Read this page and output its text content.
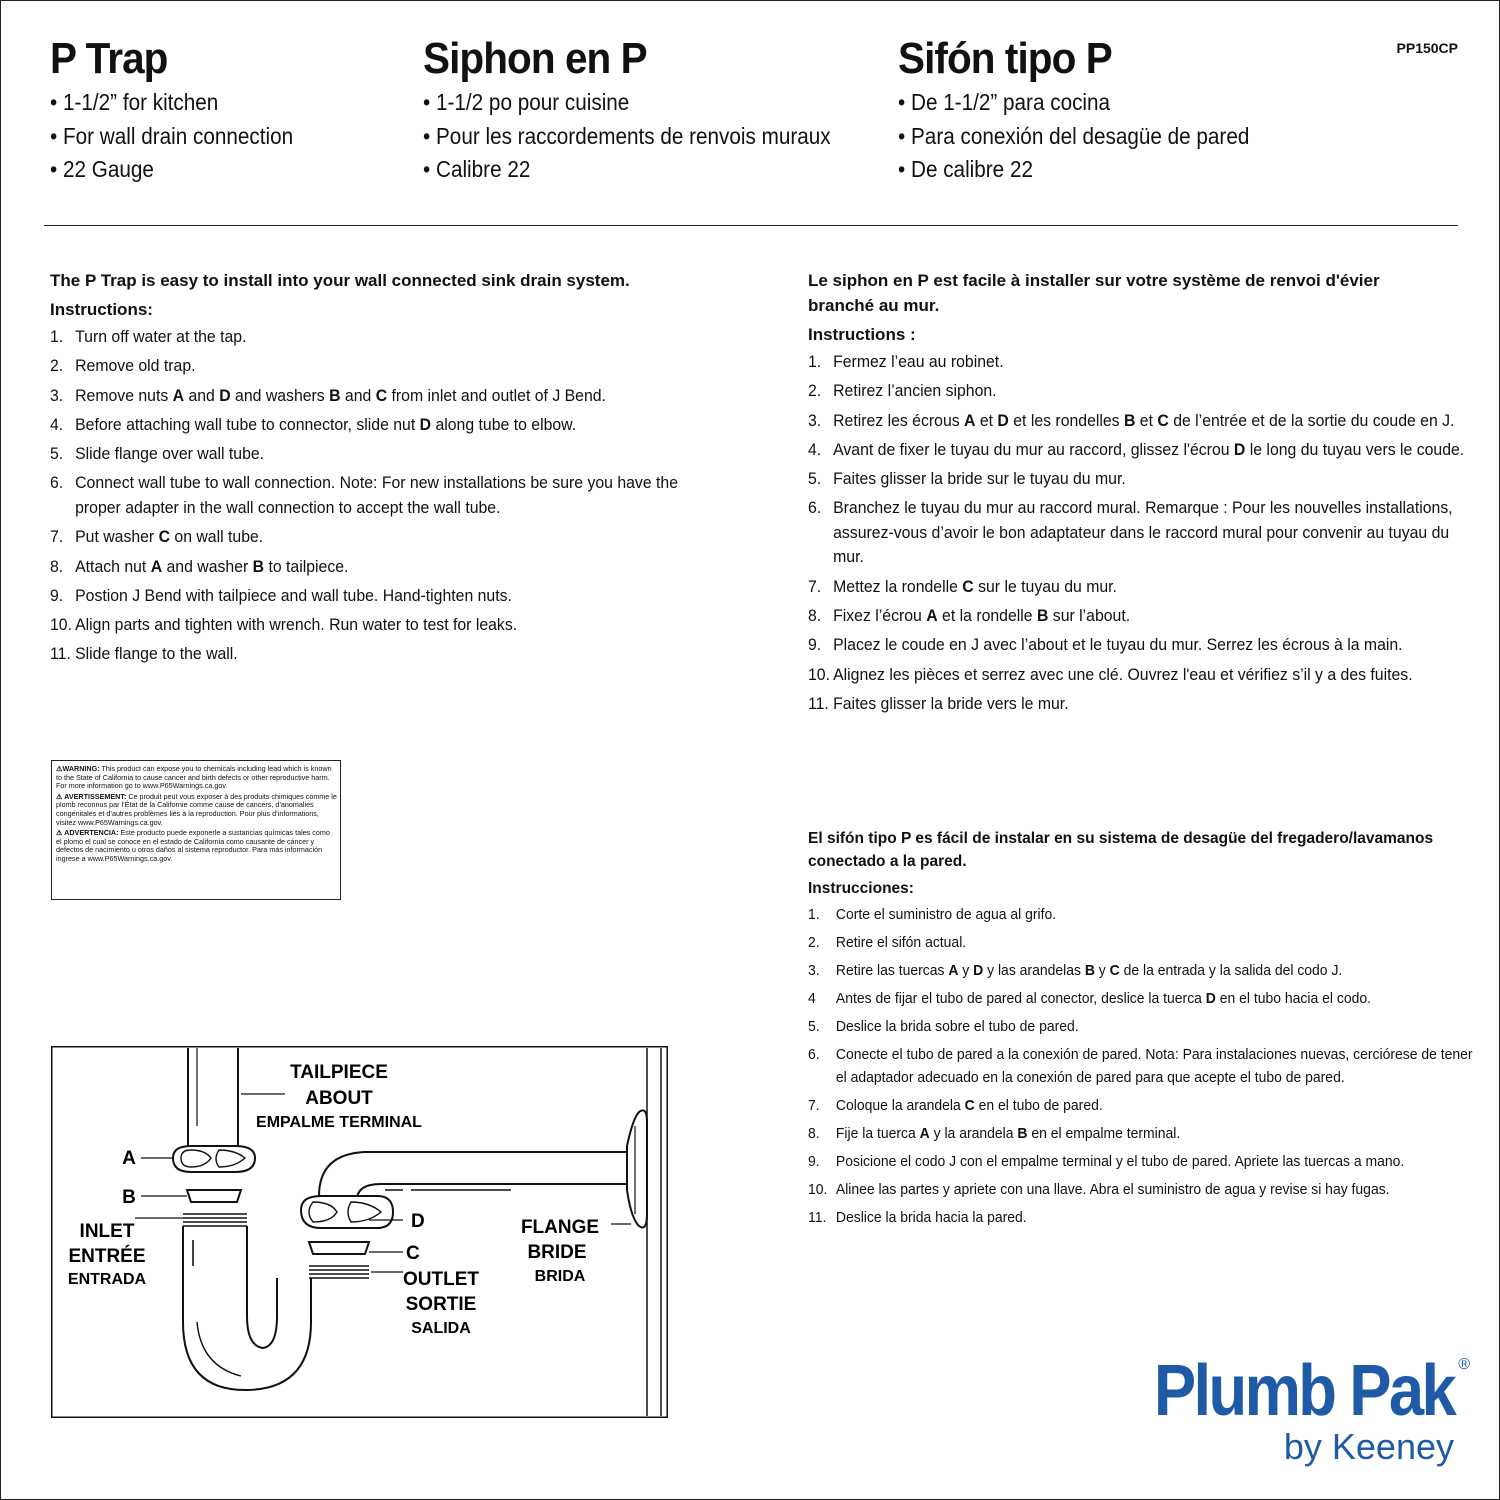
P Trap
• 1-1/2” for kitchen
• For wall drain connection
• 22 Gauge
Siphon en P
• 1-1/2 po pour cuisine
• Pour les raccordements de renvois muraux
• Calibre 22
Sifón tipo P
• De 1-1/2” para cocina
• Para conexión del desagüe de pared
• De calibre 22
PP150CP
The P Trap is easy to install into your wall connected sink drain system.
Instructions:
1. Turn off water at the tap.
2. Remove old trap.
3. Remove nuts A and D and washers B and C from inlet and outlet of J Bend.
4. Before attaching wall tube to connector, slide nut D along tube to elbow.
5. Slide flange over wall tube.
6. Connect wall tube to wall connection. Note: For new installations be sure you have the proper adapter in the wall connection to accept the wall tube.
7. Put washer C on wall tube.
8. Attach nut A and washer B to tailpiece.
9. Postion J Bend with tailpiece and wall tube. Hand-tighten nuts.
10. Align parts and tighten with wrench. Run water to test for leaks.
11. Slide flange to the wall.
Le siphon en P est facile à installer sur votre système de renvoi d'évier branché au mur.
Instructions :
1. Fermez l’eau au robinet.
2. Retirez l’ancien siphon.
3. Retirez les écrous A et D et les rondelles B et C de l’entrée et de la sortie du coude en J.
4. Avant de fixer le tuyau du mur au raccord, glissez l'écrou D le long du tuyau vers le coude.
5. Faites glisser la bride sur le tuyau du mur.
6. Branchez le tuyau du mur au raccord mural. Remarque : Pour les nouvelles installations, assurez-vous d’avoir le bon adaptateur dans le raccord mural pour convenir au tuyau du mur.
7. Mettez la rondelle C sur le tuyau du mur.
8. Fixez l’écrou A et la rondelle B sur l’about.
9. Placez le coude en J avec l’about et le tuyau du mur. Serrez les écrous à la main.
10. Alignez les pièces et serrez avec une clé. Ouvrez l'eau et vérifiez s’il y a des fuites.
11. Faites glisser la bride vers le mur.
El sifón tipo P es fácil de instalar en su sistema de desagüe del fregadero/lavamanos conectado a la pared.
Instrucciones:
1. Corte el suministro de agua al grifo.
2. Retire el sifón actual.
3. Retire las tuercas A y D y las arandelas B y C de la entrada y la salida del codo J.
4 Antes de fijar el tubo de pared al conector, deslice la tuerca D en el tubo hacia el codo.
5. Deslice la brida sobre el tubo de pared.
6. Conecte el tubo de pared a la conexión de pared. Nota: Para instalaciones nuevas, cerciórese de tener el adaptador adecuado en la conexión de pared para que acepte el tubo de pared.
7. Coloque la arandela C en el tubo de pared.
8. Fije la tuerca A y la arandela B en el empalme terminal.
9. Posicione el codo J con el empalme terminal y el tubo de pared. Apriete las tuercas a mano.
10. Alinee las partes y apriete con una llave. Abra el suministro de agua y revise si hay fugas.
11. Deslice la brida hacia la pared.

⚠WARNING: This product can expose you to chemicals including lead which is known to the State of California to cause cancer and birth defects or other reproductive harm. For more information go to www.P65Warnings.ca.gov.

⚠ AVERTISSEMENT: Ce produit peut vous exposer à des produits chimiques comme le plomb reconnus par l’État de la Californie comme cause de cancers, d’anomalies congénitales et d’autres problèmes liés à la reproduction. Pour plus d’informations, visitez www.P65Warnings.ca.gov.

⚠ ADVERTENCIA: Este producto puede exponerle a sustancias químicas tales como el plomo el cual se conoce en el estado de California como causante de cáncer y defectos de nacimiento u otros daños al sistema reproductor. Para más información ingrese a www.P65Warnings.ca.gov.

TAILPIECE
ABOUT
EMPALME TERMINAL
A
B
D
C
INLET
ENTRÉE
ENTRADA	OUTLET
SORTIE
SALIDA
FLANGE
BRIDE
BRIDA
Plumb Pak ®
by Keeney
